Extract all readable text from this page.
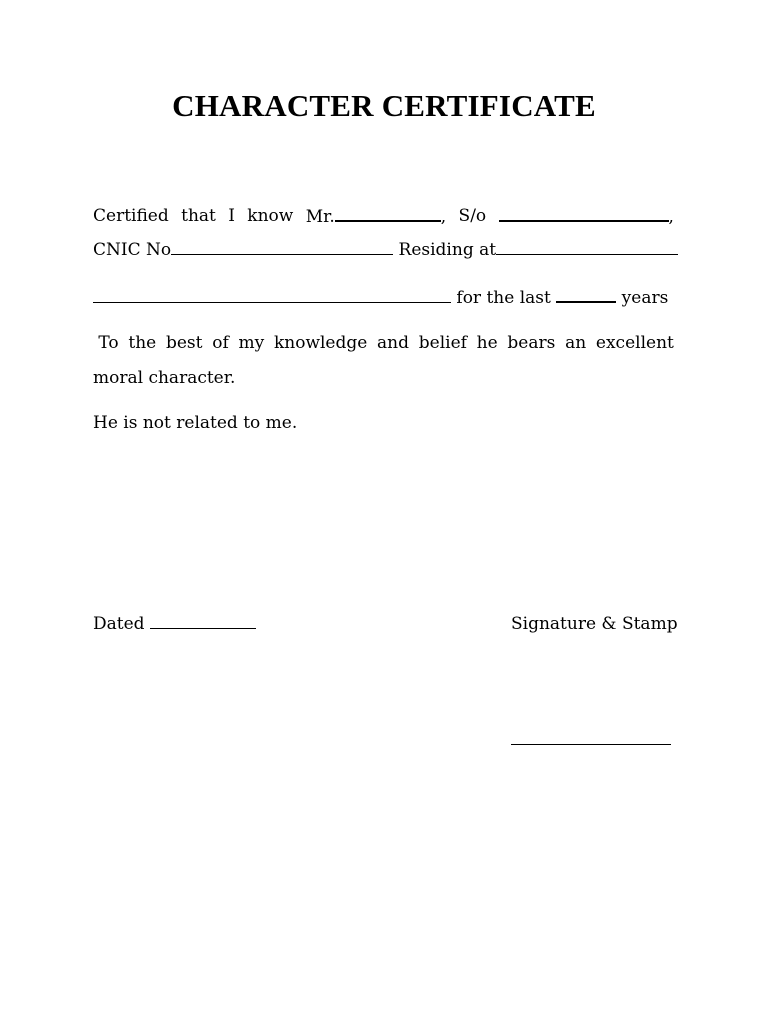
CHARACTER CERTIFICATE
Certified that I know Mr.	, S/o	,
CNIC No	Residing at
for the last	years
To the best of my knowledge and belief he bears an excellent
moral character.
He is not related to me.
Dated	Signature & Stamp
